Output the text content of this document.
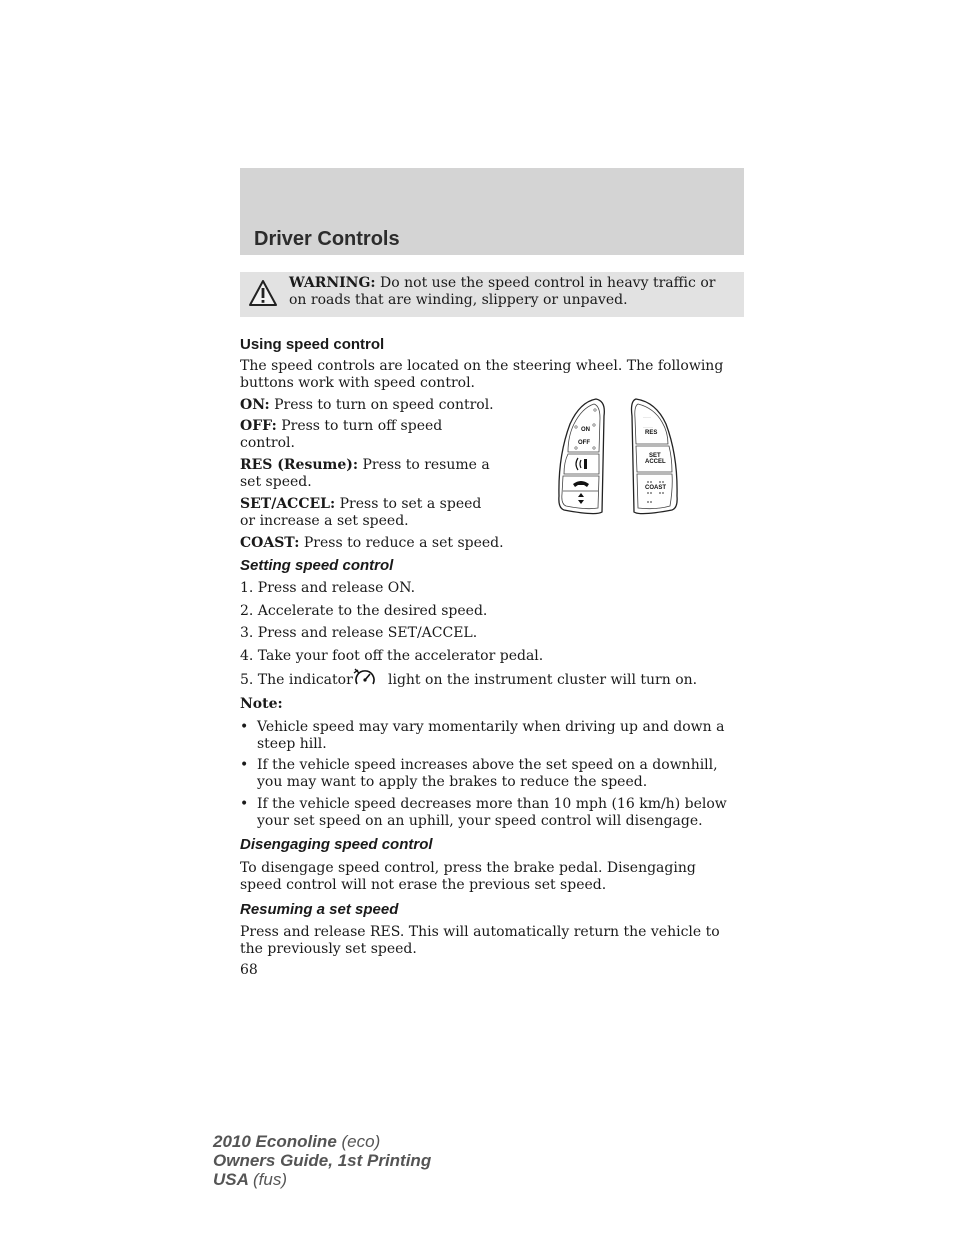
Driver Controls
WARNING: Do not use the speed control in heavy traffic or on roads that are winding, slippery or unpaved.
Using speed control
The speed controls are located on the steering wheel. The following buttons work with speed control.
ON: Press to turn on speed control.
OFF: Press to turn off speed control.
RES (Resume): Press to resume a set speed.
SET/ACCEL: Press to set a speed or increase a set speed.
COAST: Press to reduce a set speed.
ON
OFF
........
..........
RES
SET
ACCEL
COAST
Setting speed control
1. Press and release ON.
2. Accelerate to the desired speed.
3. Press and release SET/ACCEL.
4. Take your foot off the accelerator pedal.
5. The indicator	light on the instrument cluster will turn on.
Note:
• Vehicle speed may vary momentarily when driving up and down a steep hill.
• If the vehicle speed increases above the set speed on a downhill, you may want to apply the brakes to reduce the speed.
• If the vehicle speed decreases more than 10 mph (16 km/h) below your set speed on an uphill, your speed control will disengage.
Disengaging speed control
To disengage speed control, press the brake pedal. Disengaging speed control will not erase the previous set speed.
Resuming a set speed
Press and release RES. This will automatically return the vehicle to the previously set speed.
68
2010 Econoline (eco)
Owners Guide, 1st Printing
USA (fus)
